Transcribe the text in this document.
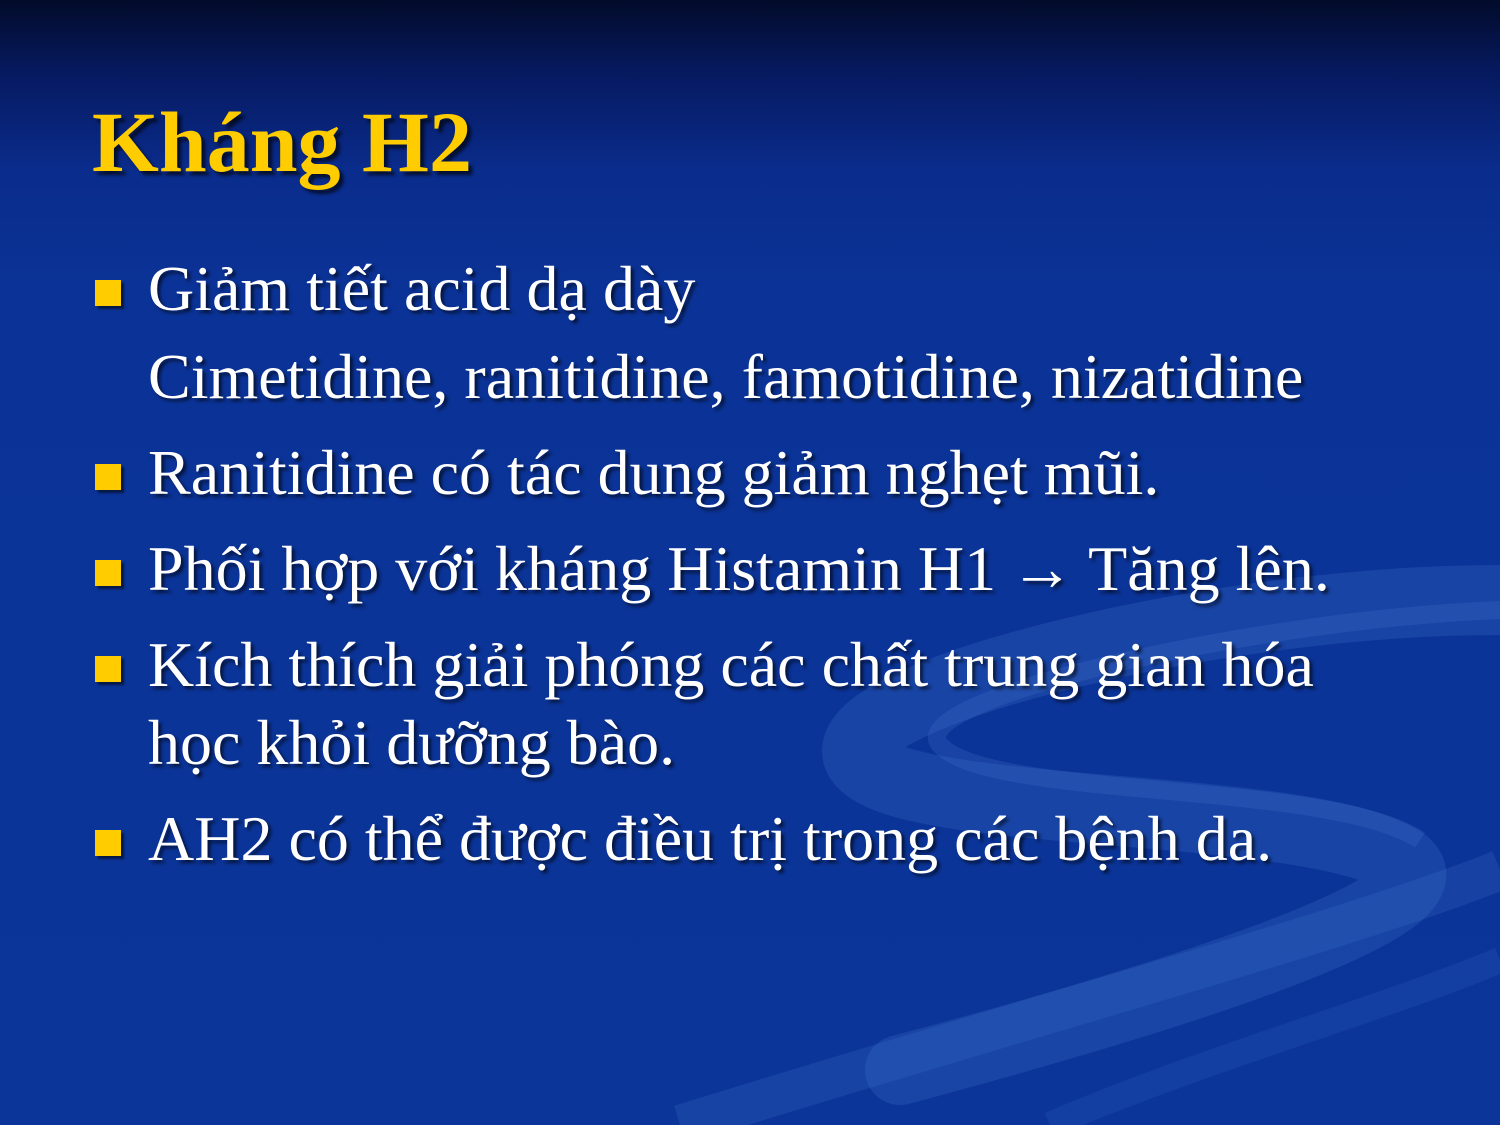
Kháng H2
Giảm tiết acid dạ dày
Cimetidine, ranitidine, famotidine, nizatidine
Ranitidine có tác dung giảm nghẹt mũi.
Phối hợp với kháng Histamin H1 → Tăng lên.
Kích thích giải phóng các chất trung gian hóa
học khỏi dưỡng bào.
AH2 có thể được điều trị trong các bệnh da.
